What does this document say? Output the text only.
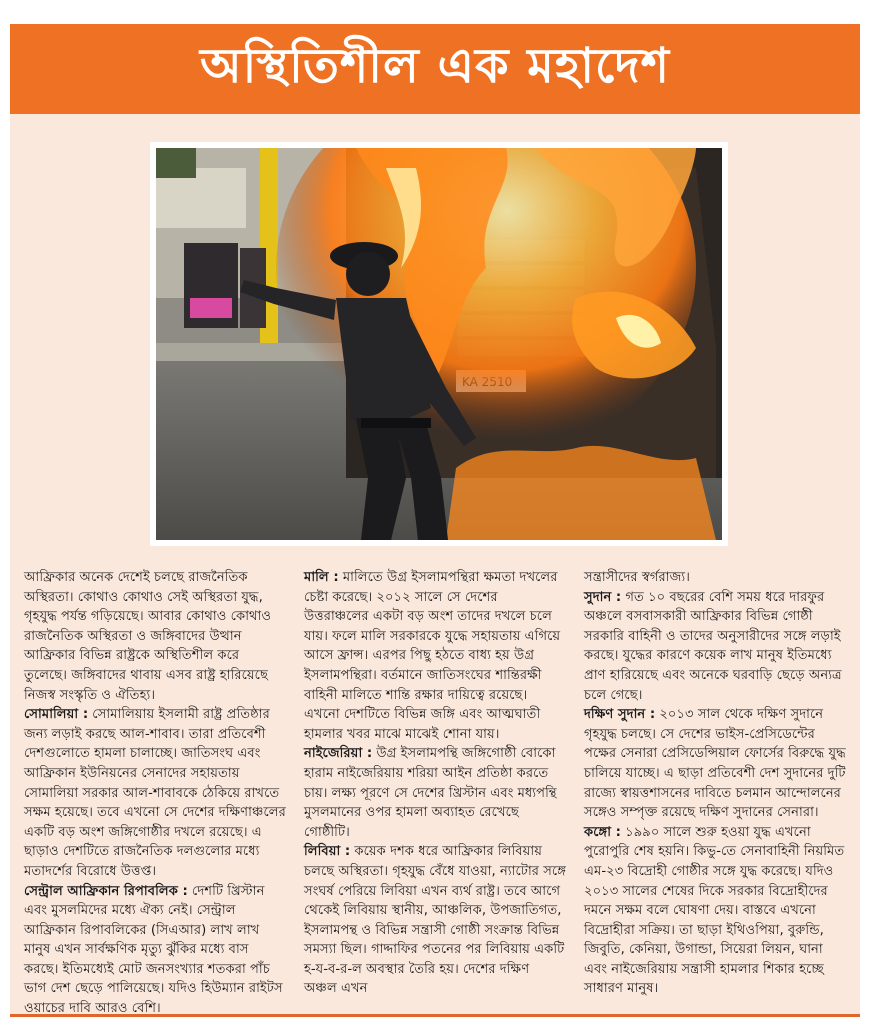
অস্থিতিশীল এক মহাদেশ

আফ্রিকার অনেক দেশেই চলছে রাজনৈতিক অস্থিরতা। কোথাও কোথাও সেই অস্থিরতা যুদ্ধ, গৃহযুদ্ধ পর্যন্ত গড়িয়েছে। আবার কোথাও কোথাও রাজনৈতিক অস্থিরতা ও জঙ্গিবাদের উত্থান আফ্রিকার বিভিন্ন রাষ্ট্রকে অস্থিতিশীল করে তুলেছে। জঙ্গিবাদের থাবায় এসব রাষ্ট্র হারিয়েছে নিজস্ব সংস্কৃতি ও ঐতিহ্য।

সোমালিয়া : সোমালিয়ায় ইসলামী রাষ্ট্র প্রতিষ্ঠার জন্য লড়াই করছে আল-শাবাব। তারা প্রতিবেশী দেশগুলোতে হামলা চালাচ্ছে। জাতিসংঘ এবং আফ্রিকান ইউনিয়নের সেনাদের সহায়তায় সোমালিয়া সরকার আল-শাবাবকে ঠেকিয়ে রাখতে সক্ষম হয়েছে। তবে এখনো সে দেশের দক্ষিণাঞ্চলের একটি বড় অংশ জঙ্গিগোষ্ঠীর দখলে রয়েছে। এ ছাড়াও দেশটিতে রাজনৈতিক দলগুলোর মধ্যে মতাদর্শের বিরোধে উত্তপ্ত।

সেন্ট্রাল আফ্রিকান রিপাবলিক : দেশটি খ্রিস্টান এবং মুসলমিদের মধ্যে ঐক্য নেই। সেন্ট্রাল আফ্রিকান রিপাবলিকের (সিএআর) লাখ লাখ মানুষ এখন সার্বক্ষণিক মৃত্যু ঝুঁকির মধ্যে বাস করছে। ইতিমধ্যেই মোট জনসংখ্যার শতকরা পাঁচ ভাগ দেশ ছেড়ে পালিয়েছে। যদিও হিউম্যান রাইটস ওয়াচের দাবি আরও বেশি।

মালি : মালিতে উগ্র ইসলামপন্থিরা ক্ষমতা দখলের চেষ্টা করেছে। ২০১২ সালে সে দেশের উত্তরাঞ্চলের একটা বড় অংশ তাদের দখলে চলে যায়। ফলে মালি সরকারকে যুদ্ধে সহায়তায় এগিয়ে আসে ফ্রান্স। এরপর পিছু হঠতে বাধ্য হয় উগ্র ইসলামপন্থিরা। বর্তমানে জাতিসংঘের শান্তিরক্ষী বাহিনী মালিতে শান্তি রক্ষার দায়িত্বে রয়েছে। এখনো দেশটিতে বিভিন্ন জঙ্গি এবং আত্মঘাতী হামলার খবর মাঝে মাঝেই শোনা যায়।

নাইজেরিয়া : উগ্র ইসলামপন্থি জঙ্গিগোষ্ঠী বোকো হারাম নাইজেরিয়ায় শরিয়া আইন প্রতিষ্ঠা করতে চায়। লক্ষ্য পূরণে সে দেশের খ্রিস্টান এবং মধ্যপন্থি মুসলমানের ওপর হামলা অব্যাহত রেখেছে গোষ্ঠীটি।

লিবিয়া : কয়েক দশক ধরে আফ্রিকার লিবিয়ায় চলছে অস্থিরতা। গৃহযুদ্ধ বেঁধে যাওয়া, ন্যাটোর সঙ্গে সংঘর্ষ পেরিয়ে লিবিয়া এখন ব্যর্থ রাষ্ট্র। তবে আগে থেকেই লিবিয়ায় স্থানীয়, আঞ্চলিক, উপজাতিগত, ইসলামপন্থ ও বিভিন্ন সন্ত্রাসী গোষ্ঠী সংক্রান্ত বিভিন্ন সমস্যা ছিল। গাদ্দাফির পতনের পর লিবিয়ায় একটি হ-য-ব-র-ল অবস্থার তৈরি হয়। দেশের দক্ষিণ অঞ্চল এখন

সন্ত্রাসীদের স্বর্গরাজ্য।

সুদান : গত ১০ বছরের বেশি সময় ধরে দারফুর অঞ্চলে বসবাসকারী আফ্রিকার বিভিন্ন গোষ্ঠী সরকারি বাহিনী ও তাদের অনুসারীদের সঙ্গে লড়াই করছে। যুদ্ধের কারণে কয়েক লাখ মানুষ ইতিমধ্যে প্রাণ হারিয়েছে এবং অনেকে ঘরবাড়ি ছেড়ে অন্যত্র চলে গেছে।

দক্ষিণ সুদান : ২০১৩ সাল থেকে দক্ষিণ সুদানে গৃহযুদ্ধ চলছে। সে দেশের ভাইস-প্রেসিডেন্টের পক্ষের সেনারা প্রেসিডেন্সিয়াল ফোর্সের বিরুদ্ধে যুদ্ধ চালিয়ে যাচ্ছে। এ ছাড়া প্রতিবেশী দেশ সুদানের দুটি রাজ্যে স্বায়ত্তশাসনের দাবিতে চলমান আন্দোলনের সঙ্গেও সম্পৃক্ত রয়েছে দক্ষিণ সুদানের সেনারা।

কঙ্গো : ১৯৯০ সালে শুরু হওয়া যুদ্ধ এখনো পুরোপুরি শেষ হয়নি। কিভু-তে সেনাবাহিনী নিয়মিত এম-২৩ বিদ্রোহী গোষ্ঠীর সঙ্গে যুদ্ধ করেছে। যদিও ২০১৩ সালের শেষের দিকে সরকার বিদ্রোহীদের দমনে সক্ষম বলে ঘোষণা দেয়। বাস্তবে এখনো বিদ্রোহীরা সক্রিয়। তা ছাড়া ইথিওপিয়া, বুরুন্ডি, জিবুতি, কেনিয়া, উগান্ডা, সিয়েরা লিয়ন, ঘানা এবং নাইজেরিয়ায় সন্ত্রাসী হামলার শিকার হচ্ছে সাধারণ মানুষ।
